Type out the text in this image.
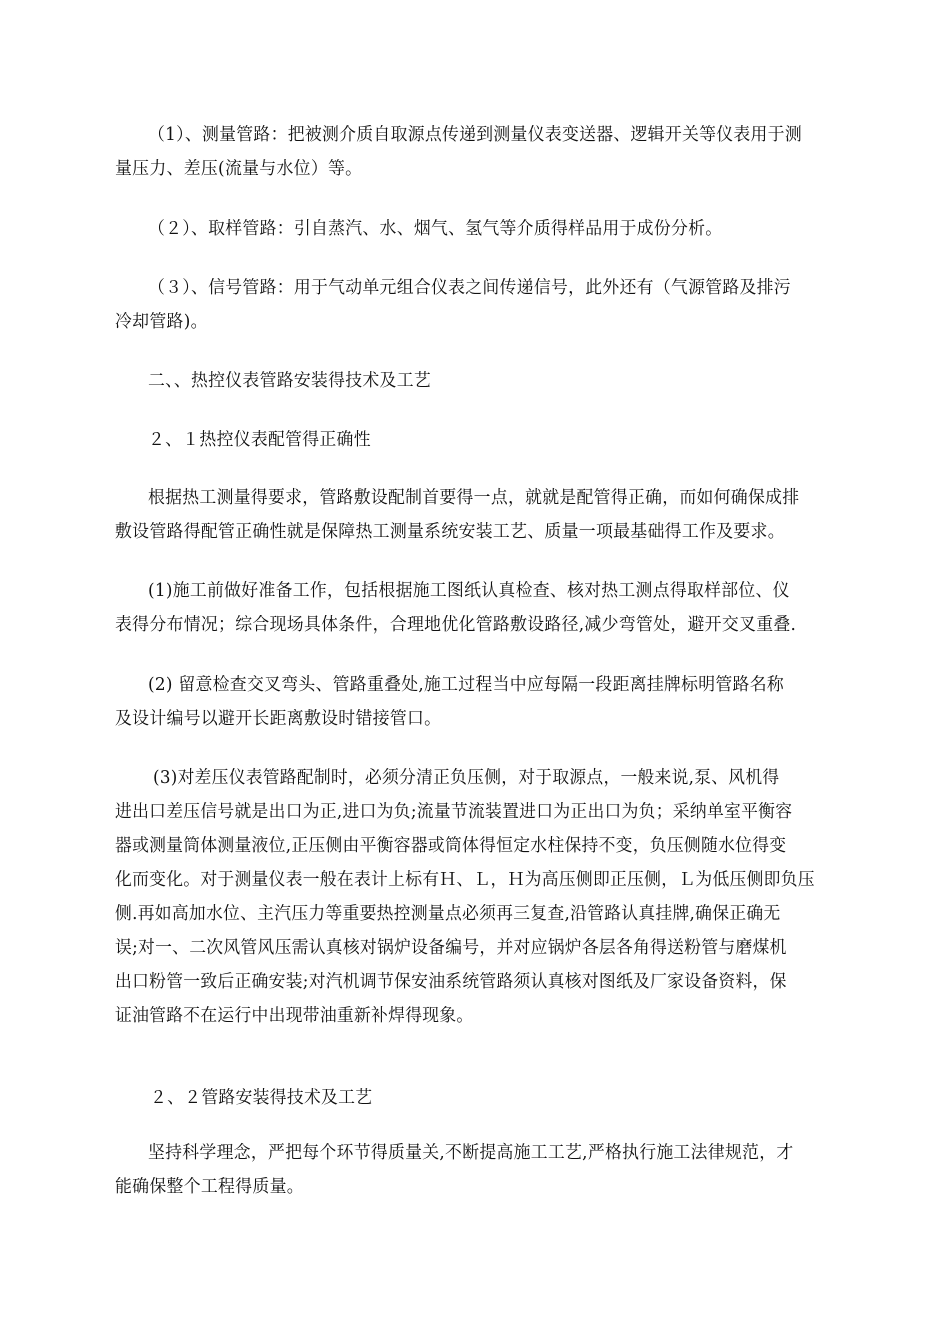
（1）、测量管路：把被测介质自取源点传递到测量仪表变送器、逻辑开关等仪表用于测
量压力、差压(流量与水位）等。

（２）、取样管路：引自蒸汽、水、烟气、氢气等介质得样品用于成份分析。

（３）、信号管路：用于气动单元组合仪表之间传递信号，此外还有（气源管路及排污
冷却管路)。

二、、热控仪表管路安装得技术及工艺

２、１热控仪表配管得正确性

根据热工测量得要求，管路敷设配制首要得一点，就就是配管得正确，而如何确保成排
敷设管路得配管正确性就是保障热工测量系统安装工艺、质量一项最基础得工作及要求。

(1)施工前做好准备工作，包括根据施工图纸认真检查、核对热工测点得取样部位、仪
表得分布情况；综合现场具体条件，合理地优化管路敷设路径,减少弯管处，避开交叉重叠.

(2) 留意检查交叉弯头、管路重叠处,施工过程当中应每隔一段距离挂牌标明管路名称
及设计编号以避开长距离敷设时错接管口。

(3)对差压仪表管路配制时，必须分清正负压侧，对于取源点，一般来说,泵、风机得
进出口差压信号就是出口为正,进口为负;流量节流装置进口为正出口为负；采纳单室平衡容
器或测量筒体测量液位,正压侧由平衡容器或筒体得恒定水柱保持不变，负压侧随水位得变
化而变化。对于测量仪表一般在表计上标有Ｈ、Ｌ，Ｈ为高压侧即正压侧，Ｌ为低压侧即负压
侧.再如高加水位、主汽压力等重要热控测量点必须再三复查,沿管路认真挂牌,确保正确无
误;对一、二次风管风压需认真核对锅炉设备编号，并对应锅炉各层各角得送粉管与磨煤机
出口粉管一致后正确安装;对汽机调节保安油系统管路须认真核对图纸及厂家设备资料，保
证油管路不在运行中出现带油重新补焊得现象。

２、２管路安装得技术及工艺

坚持科学理念，严把每个环节得质量关,不断提高施工工艺,严格执行施工法律规范，才
能确保整个工程得质量。
